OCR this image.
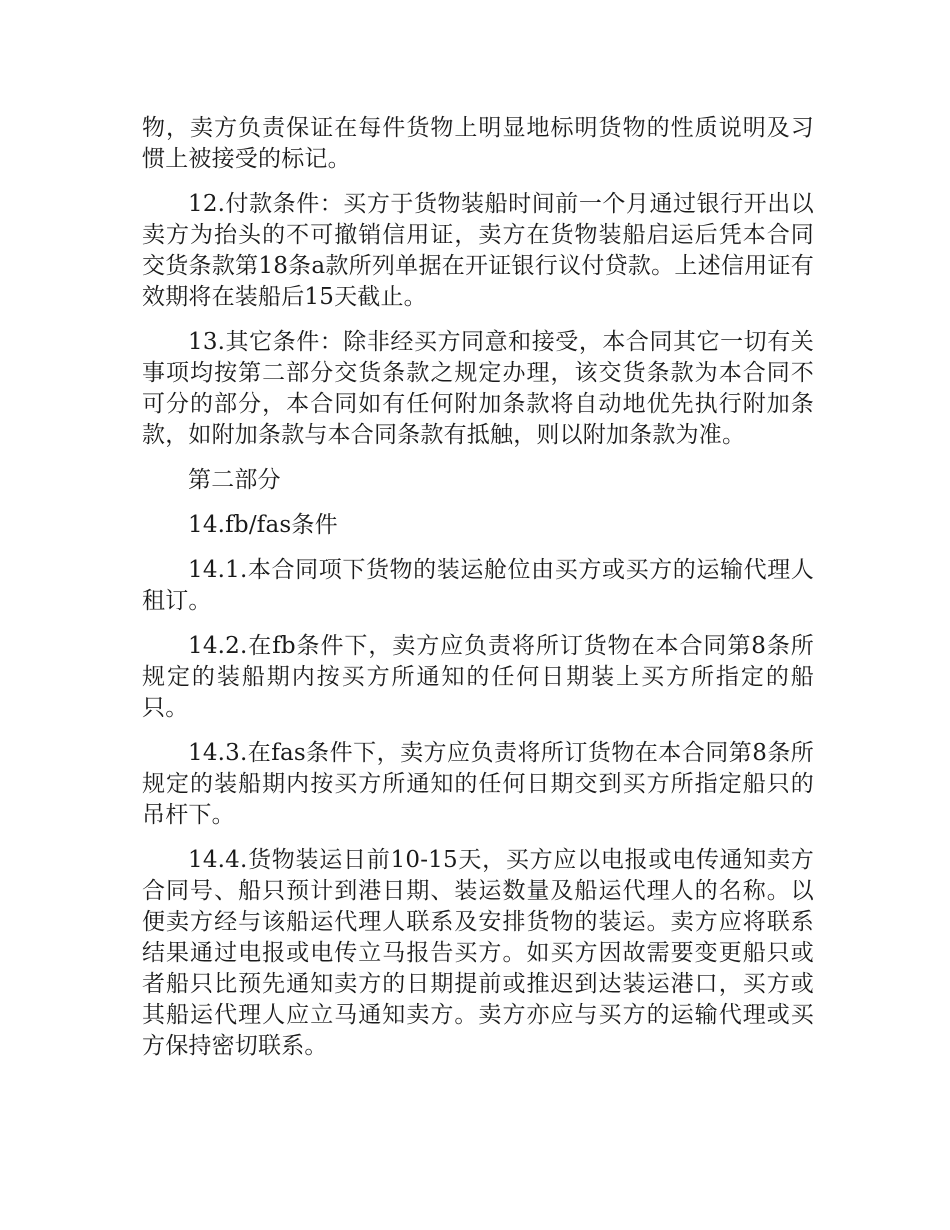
物，卖方负责保证在每件货物上明显地标明货物的性质说明及习惯上被接受的标记。

12.付款条件：买方于货物装船时间前一个月通过银行开出以卖方为抬头的不可撤销信用证，卖方在货物装船启运后凭本合同交货条款第18条a款所列单据在开证银行议付贷款。上述信用证有效期将在装船后15天截止。

13.其它条件：除非经买方同意和接受，本合同其它一切有关事项均按第二部分交货条款之规定办理，该交货条款为本合同不可分的部分，本合同如有任何附加条款将自动地优先执行附加条款，如附加条款与本合同条款有抵触，则以附加条款为准。

第二部分

14.fb/fas条件

14.1.本合同项下货物的装运舱位由买方或买方的运输代理人租订。

14.2.在fb条件下，卖方应负责将所订货物在本合同第8条所规定的装船期内按买方所通知的任何日期装上买方所指定的船只。

14.3.在fas条件下，卖方应负责将所订货物在本合同第8条所规定的装船期内按买方所通知的任何日期交到买方所指定船只的吊杆下。

14.4.货物装运日前10-15天，买方应以电报或电传通知卖方合同号、船只预计到港日期、装运数量及船运代理人的名称。以便卖方经与该船运代理人联系及安排货物的装运。卖方应将联系结果通过电报或电传立马报告买方。如买方因故需要变更船只或者船只比预先通知卖方的日期提前或推迟到达装运港口，买方或其船运代理人应立马通知卖方。卖方亦应与买方的运输代理或买方保持密切联系。
